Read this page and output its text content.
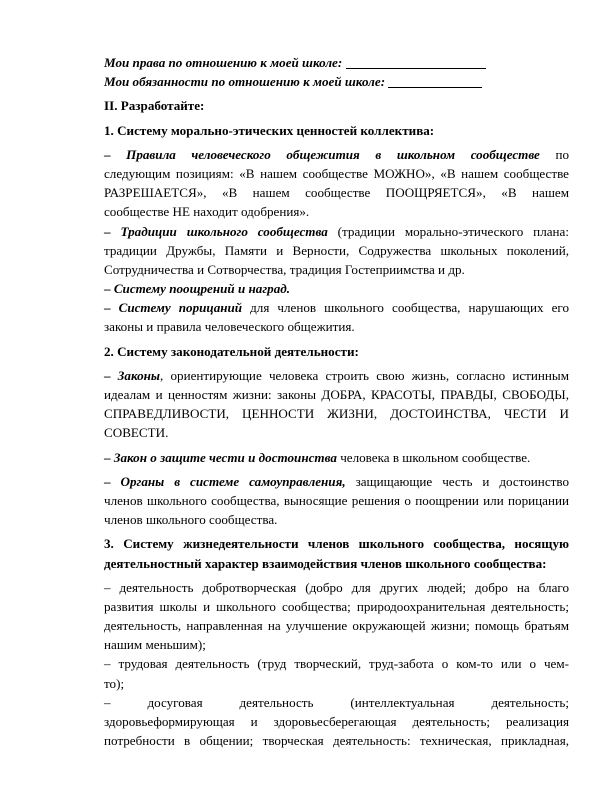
Мои права по отношению к моей школе:
Мои обязанности по отношению к моей школе:
II. Разработайте:
1. Систему морально-этических ценностей коллектива:
– Правила человеческого общежития в школьном сообществе по
следующим позициям: «В нашем сообществе МОЖНО», «В нашем сообществе
РАЗРЕШАЕТСЯ», «В нашем сообществе ПООЩРЯЕТСЯ», «В нашем
сообществе НЕ находит одобрения».
– Традиции школьного сообщества (традиции морально-этического плана:
традиции Дружбы, Памяти и Верности, Содружества школьных поколений,
Сотрудничества и Сотворчества, традиция Гостеприимства и др.
– Систему поощрений и наград.
– Систему порицаний для членов школьного сообщества, нарушающих его
законы и правила человеческого общежития.
2. Систему законодательной деятельности:
– Законы, ориентирующие человека строить свою жизнь, согласно истинным
идеалам и ценностям жизни: законы ДОБРА, КРАСОТЫ, ПРАВДЫ, СВОБОДЫ,
СПРАВЕДЛИВОСТИ, ЦЕННОСТИ ЖИЗНИ, ДОСТОИНСТВА, ЧЕСТИ И
СОВЕСТИ.
– Закон о защите чести и достоинства человека в школьном сообществе.
– Органы в системе самоуправления, защищающие честь и достоинство
членов школьного сообщества, выносящие решения о поощрении или порицании
членов школьного сообщества.
3. Систему жизнедеятельности членов школьного сообщества, носящую
деятельностный характер взаимодействия членов школьного сообщества:
– деятельность добротворческая (добро для других людей; добро на благо
развития школы и школьного сообщества; природоохранительная деятельность;
деятельность, направленная на улучшение окружающей жизни; помощь братьям
нашим меньшим);
– трудовая деятельность (труд творческий, труд-забота о ком-то или о чем-
то);
– досуговая деятельность (интеллектуальная деятельность;
здоровьеформирующая и здоровьесберегающая деятельность; реализация
потребности в общении; творческая деятельность: техническая, прикладная,
